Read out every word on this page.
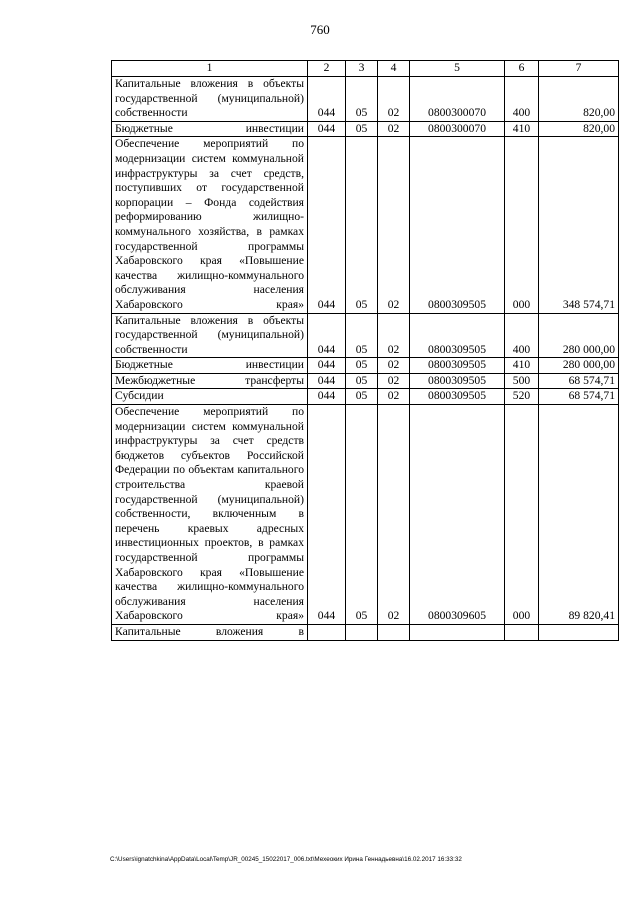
760
1	2	3	4	5	6	7
Капитальные вложения в объекты государственной (муниципальной) собственности	044	05	02	0800300070	400	820,00
Бюджетные инвестиции	044	05	02	0800300070	410	820,00
Обеспечение мероприятий по модернизации систем коммунальной инфраструктуры за счет средств, поступивших от государственной корпорации – Фонда содействия реформированию жилищно-коммунального хозяйства, в рамках государственной программы Хабаровского края «Повышение качества жилищно-коммунального обслуживания населения Хабаровского края»	044	05	02	0800309505	000	348 574,71
Капитальные вложения в объекты государственной (муниципальной) собственности	044	05	02	0800309505	400	280 000,00
Бюджетные инвестиции	044	05	02	0800309505	410	280 000,00
Межбюджетные трансферты	044	05	02	0800309505	500	68 574,71
Субсидии	044	05	02	0800309505	520	68 574,71
Обеспечение мероприятий по модернизации систем коммунальной инфраструктуры за счет средств бюджетов субъектов Российской Федерации по объектам капитального строительства краевой государственной (муниципальной) собственности, включенным в перечень краевых адресных инвестиционных проектов, в рамках государственной программы Хабаровского края «Повышение качества жилищно-коммунального обслуживания населения Хабаровского края»	044	05	02	0800309605	000	89 820,41
Капитальные вложения в						
C:\Users\ignatchkina\AppData\Local\Temp\JR_00245_15022017_006.txt\Мехеоких Ирина Геннадьевна\16.02.2017 16:33:32
